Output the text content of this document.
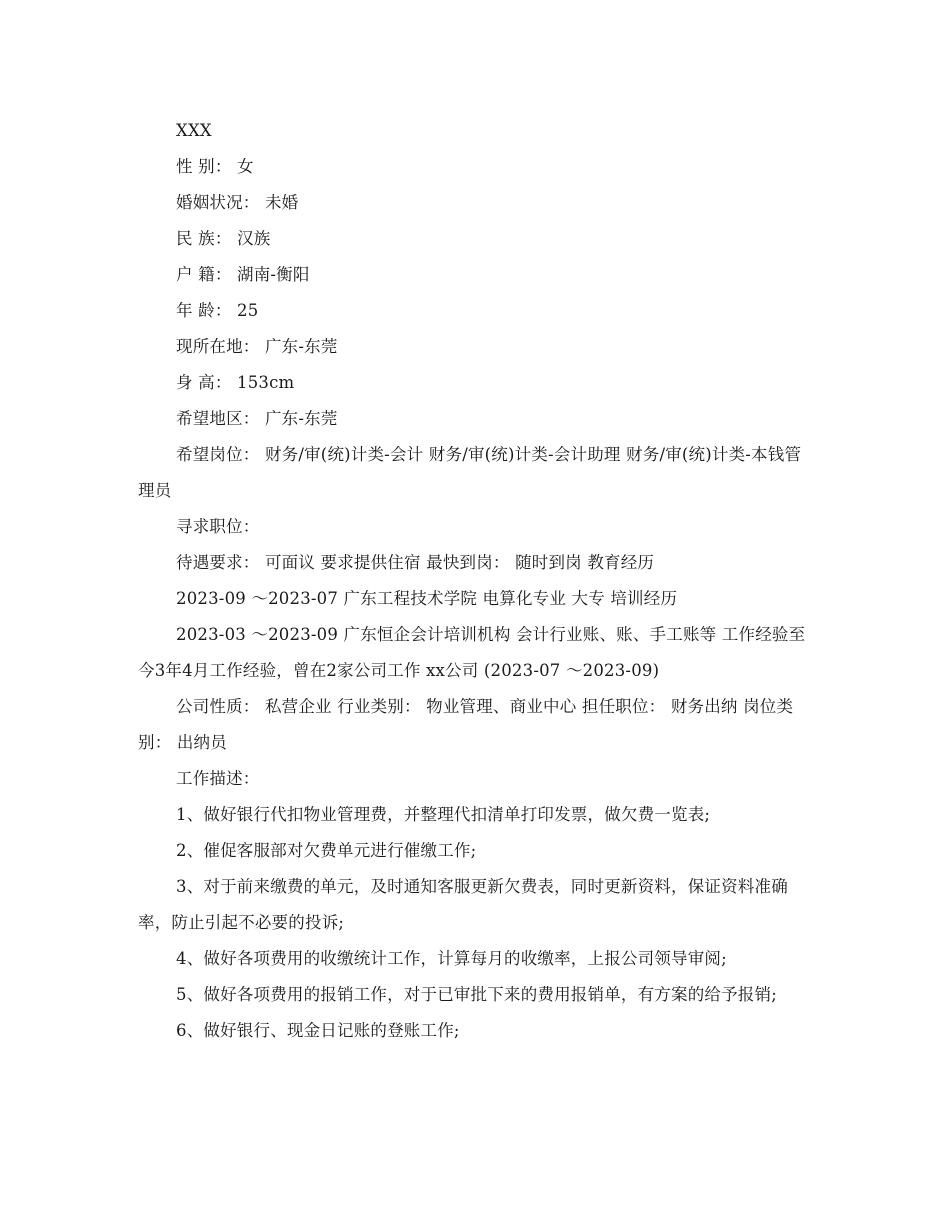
XXX

性 别： 女

婚姻状况： 未婚

民 族： 汉族

户 籍： 湖南-衡阳

年 龄： 25

现所在地： 广东-东莞

身 高： 153cm

希望地区： 广东-东莞

希望岗位： 财务/审(统)计类-会计 财务/审(统)计类-会计助理 财务/审(统)计类-本钱管理员

寻求职位：

待遇要求： 可面议 要求提供住宿 最快到岗： 随时到岗 教育经历

2023-09 ～2023-07 广东工程技术学院 电算化专业 大专 培训经历

2023-03 ～2023-09 广东恒企会计培训机构 会计行业账、账、手工账等 工作经验至今3年4月工作经验，曾在2家公司工作 xx公司 (2023-07 ～2023-09)

公司性质： 私营企业 行业类别： 物业管理、商业中心 担任职位： 财务出纳 岗位类别： 出纳员

工作描述：

1、做好银行代扣物业管理费，并整理代扣清单打印发票，做欠费一览表;

2、催促客服部对欠费单元进行催缴工作;

3、对于前来缴费的单元，及时通知客服更新欠费表，同时更新资料，保证资料准确率，防止引起不必要的投诉;

4、做好各项费用的收缴统计工作，计算每月的收缴率，上报公司领导审阅;

5、做好各项费用的报销工作，对于已审批下来的费用报销单，有方案的给予报销;

6、做好银行、现金日记账的登账工作;
